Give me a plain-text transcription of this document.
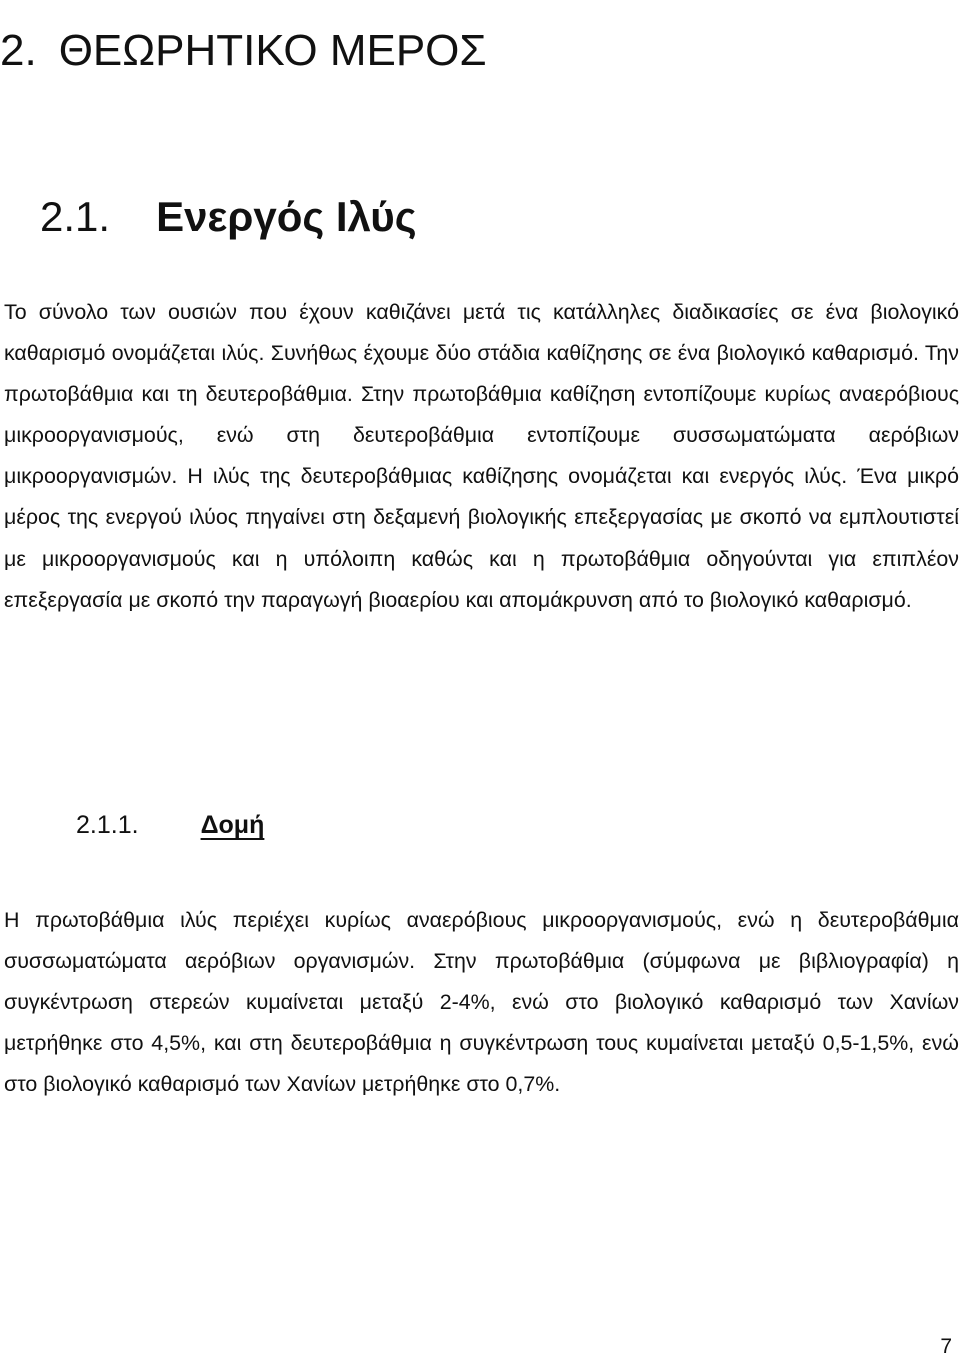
2. ΘΕΩΡΗΤΙΚΟ ΜΕΡΟΣ
2.1. Ενεργός Ιλύς

Το σύνολο των ουσιών που έχουν καθιζάνει μετά τις κατάλληλες διαδικασίες σε ένα βιολογικό καθαρισμό ονομάζεται ιλύς. Συνήθως έχουμε δύο στάδια καθίζησης σε ένα βιολογικό καθαρισμό. Την πρωτοβάθμια και τη δευτεροβάθμια. Στην πρωτοβάθμια καθίζηση εντοπίζουμε κυρίως αναερόβιους μικροοργανισμούς, ενώ στη δευτεροβάθμια εντοπίζουμε συσσωματώματα αερόβιων μικροοργανισμών. Η ιλύς της δευτεροβάθμιας καθίζησης ονομάζεται και ενεργός ιλύς. Ένα μικρό μέρος της ενεργού ιλύος πηγαίνει στη δεξαμενή βιολογικής επεξεργασίας με σκοπό να εμπλουτιστεί με μικροοργανισμούς και η υπόλοιπη καθώς και η πρωτοβάθμια οδηγούνται για επιπλέον επεξεργασία με σκοπό την παραγωγή βιοαερίου και απομάκρυνση από το βιολογικό καθαρισμό.

2.1.1. Δομή

Η πρωτοβάθμια ιλύς περιέχει κυρίως αναερόβιους μικροοργανισμούς, ενώ η δευτεροβάθμια συσσωματώματα αερόβιων οργανισμών. Στην πρωτοβάθμια (σύμφωνα με βιβλιογραφία) η συγκέντρωση στερεών κυμαίνεται μεταξύ 2-4%, ενώ στο βιολογικό καθαρισμό των Χανίων μετρήθηκε στο 4,5%, και στη δευτεροβάθμια η συγκέντρωση τους κυμαίνεται μεταξύ 0,5-1,5%, ενώ στο βιολογικό καθαρισμό των Χανίων μετρήθηκε στο 0,7%.

7
